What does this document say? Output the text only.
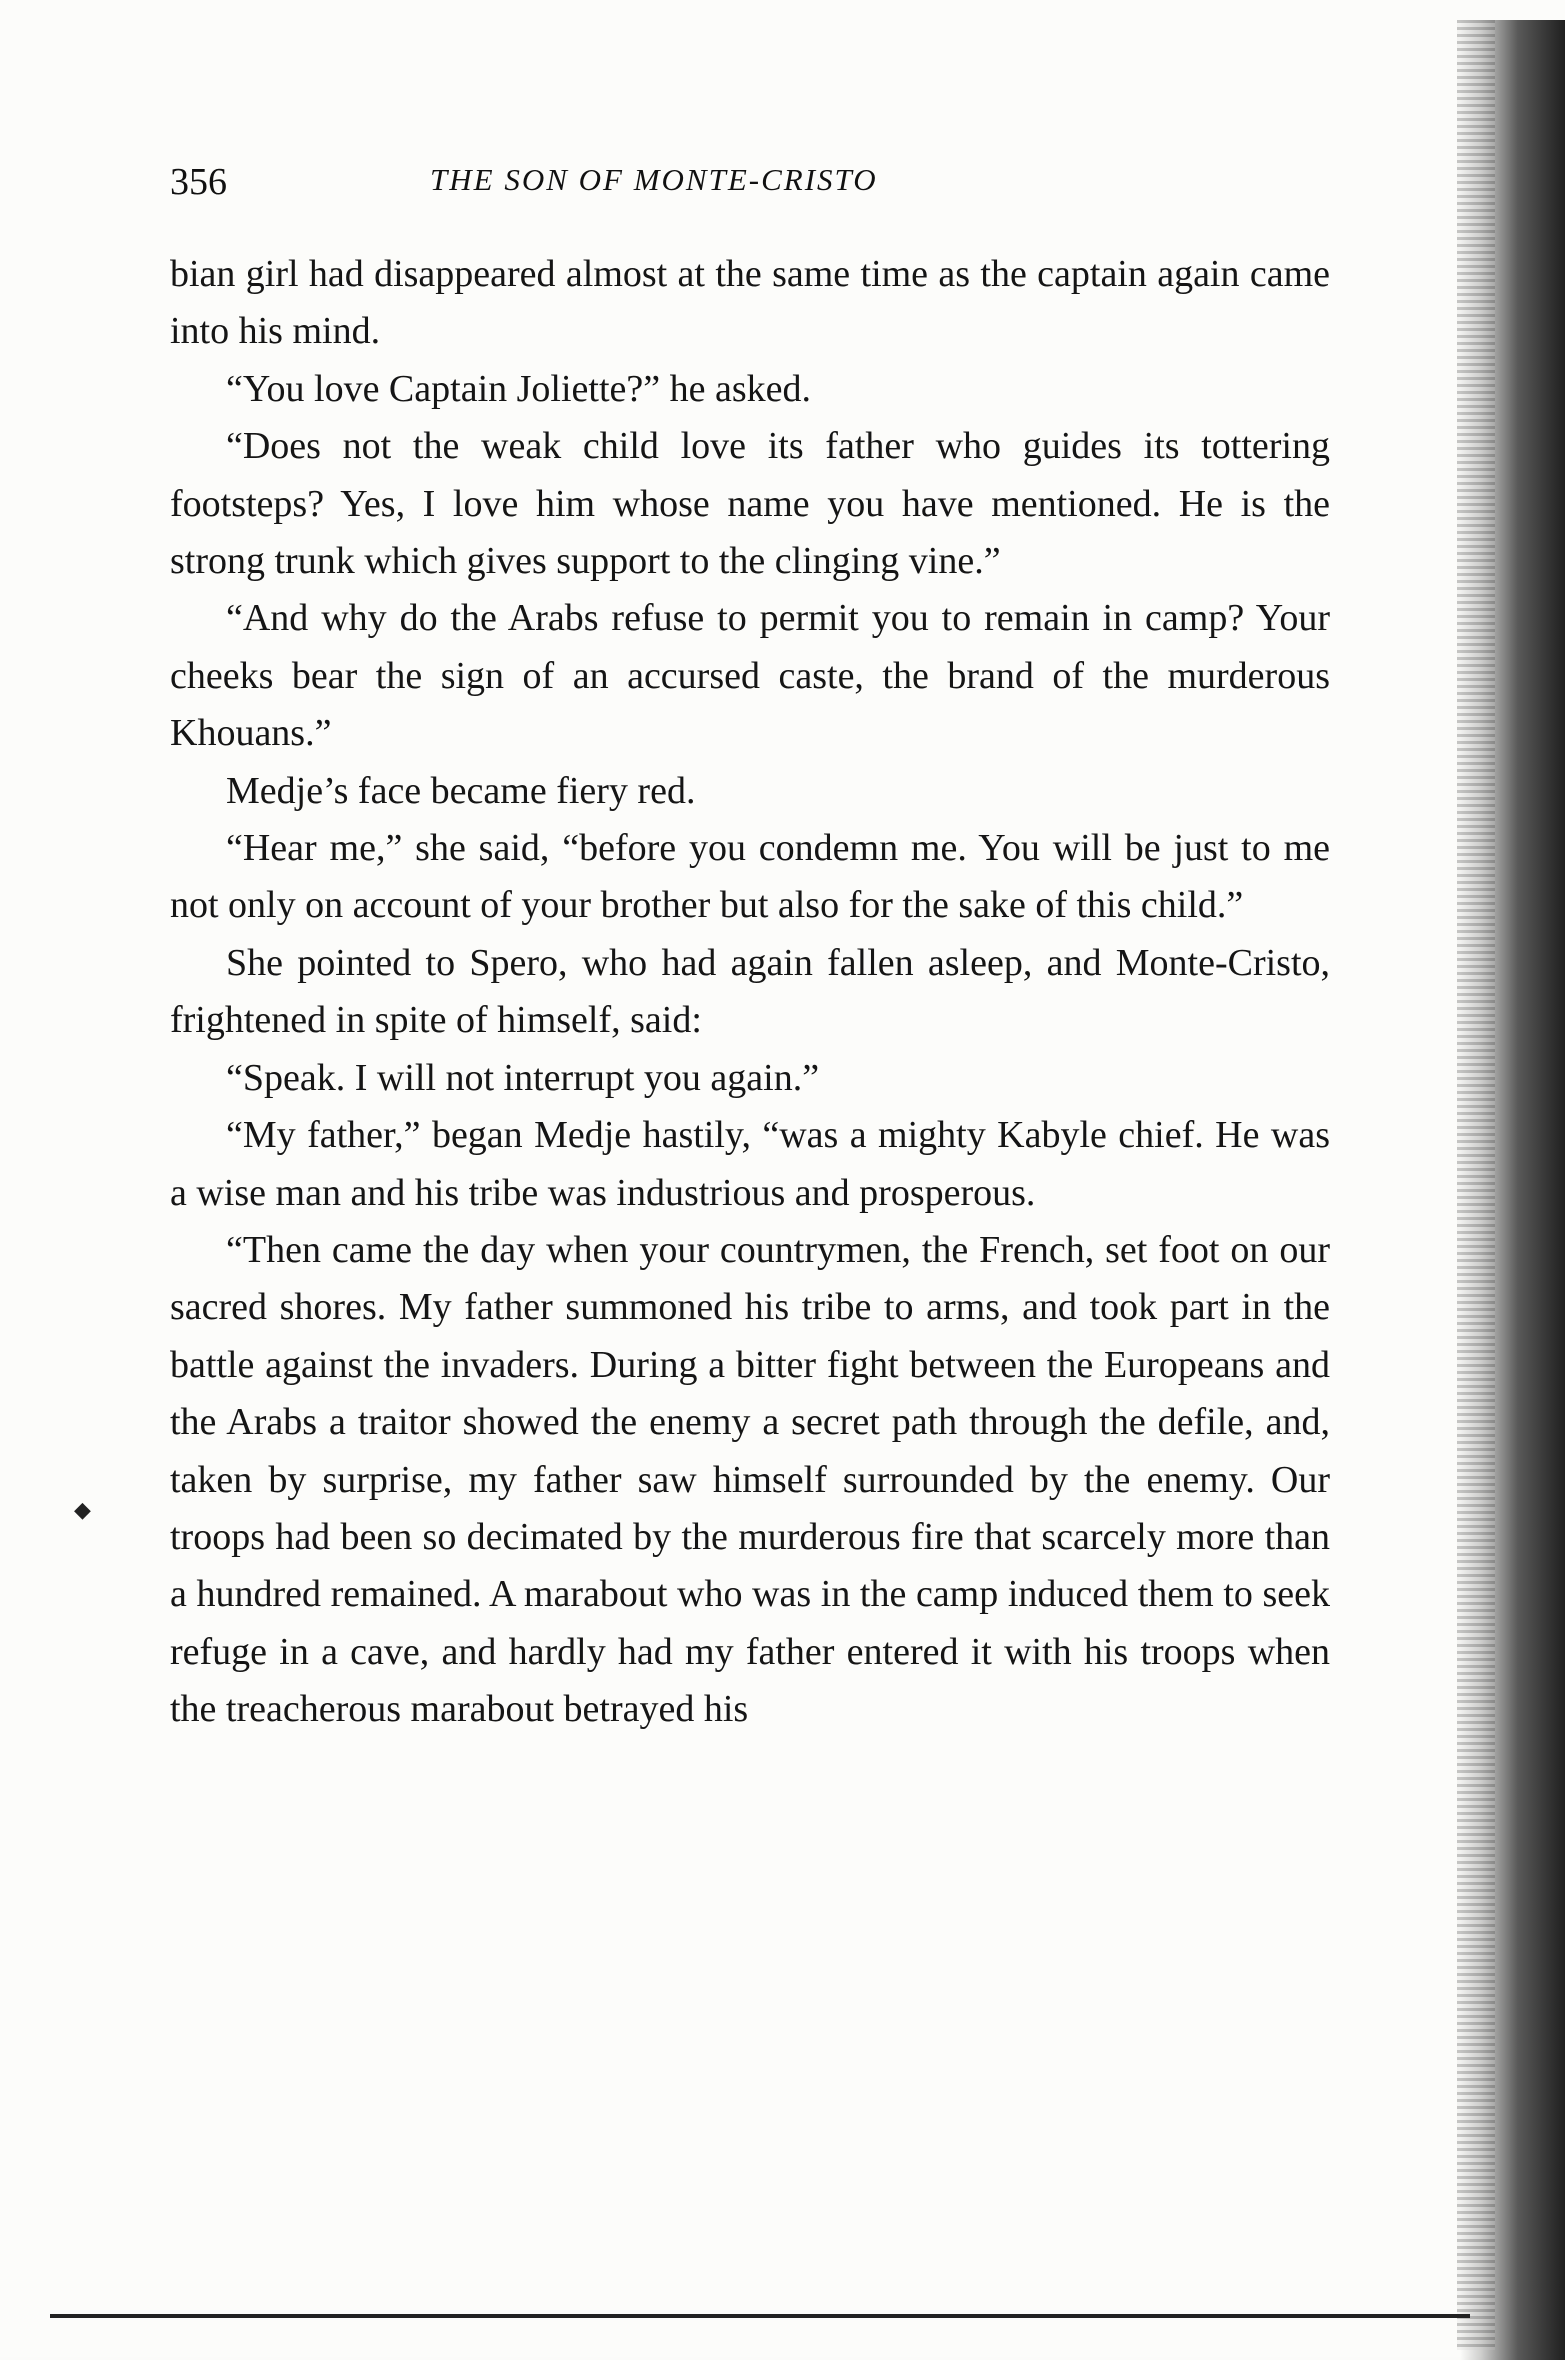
356	THE SON OF MONTE-CRISTO

bian girl had disappeared almost at the same time as the captain again came into his mind.

“You love Captain Joliette?” he asked.

“Does not the weak child love its father who guides its tottering footsteps? Yes, I love him whose name you have mentioned. He is the strong trunk which gives support to the clinging vine.”

“And why do the Arabs refuse to permit you to remain in camp? Your cheeks bear the sign of an accursed caste, the brand of the murderous Khouans.”

Medje’s face became fiery red.

“Hear me,” she said, “before you condemn me. You will be just to me not only on account of your brother but also for the sake of this child.”

She pointed to Spero, who had again fallen asleep, and Monte-Cristo, frightened in spite of himself, said:

“Speak. I will not interrupt you again.”

“My father,” began Medje hastily, “was a mighty Kabyle chief. He was a wise man and his tribe was industrious and prosperous.

“Then came the day when your countrymen, the French, set foot on our sacred shores. My father summoned his tribe to arms, and took part in the battle against the invaders. During a bitter fight between the Europeans and the Arabs a traitor showed the enemy a secret path through the defile, and, taken by surprise, my father saw himself surrounded by the enemy. Our troops had been so decimated by the murderous fire that scarcely more than a hundred remained. A marabout who was in the camp induced them to seek refuge in a cave, and hardly had my father entered it with his troops when the treacherous marabout betrayed his

◆
